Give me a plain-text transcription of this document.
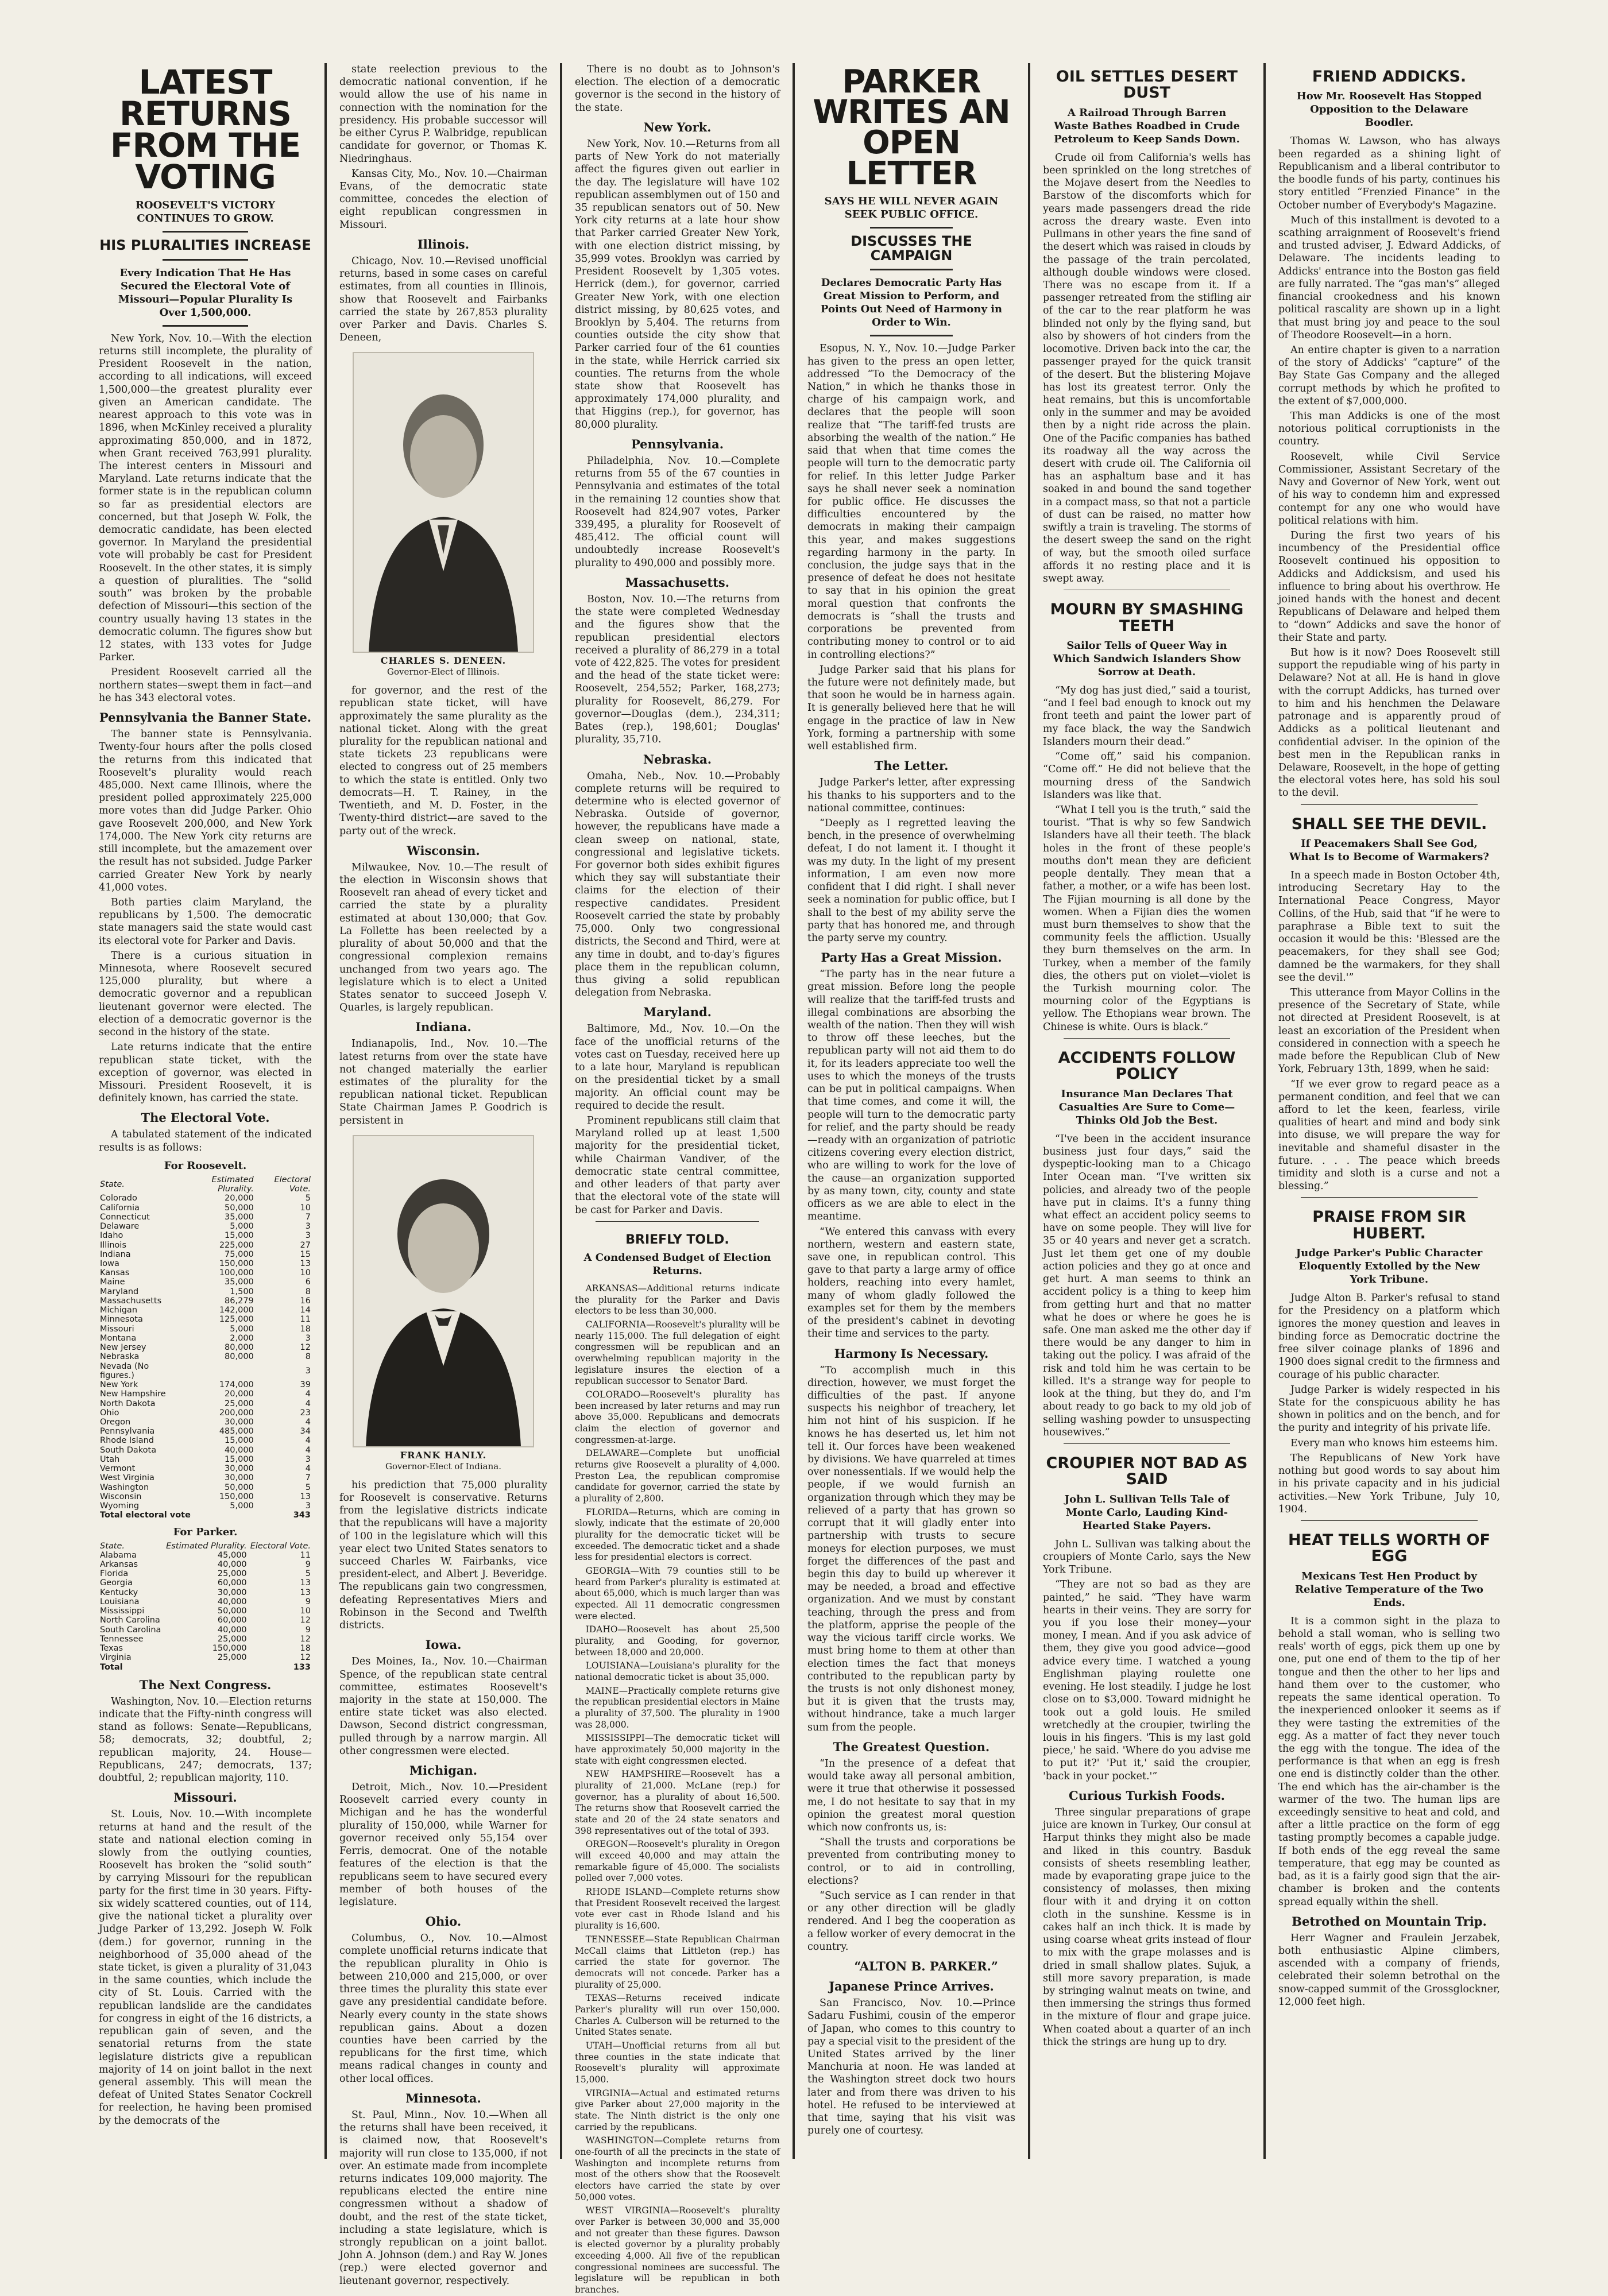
LATEST RETURNS FROM THE VOTING
ROOSEVELT'S VICTORY CONTINUES TO GROW.
HIS PLURALITIES INCREASE
Every Indication That He Has Secured the Electoral Vote of Missouri—Popular Plurality Is Over 1,500,000.

New York, Nov. 10.—With the election returns still incomplete, the plurality of President Roosevelt in the nation, according to all indications, will exceed 1,500,000—the greatest plurality ever given an American candidate. The nearest approach to this vote was in 1896, when McKinley received a plurality approximating 850,000, and in 1872, when Grant received 763,991 plurality. The interest centers in Missouri and Maryland. Late returns indicate that the former state is in the republican column so far as presidential electors are concerned, but that Joseph W. Folk, the democratic candidate, has been elected governor. In Maryland the presidential vote will probably be cast for President Roosevelt. In the other states, it is simply a question of pluralities. The “solid south” was broken by the probable defection of Missouri—this section of the country usually having 13 states in the democratic column. The figures show but 12 states, with 133 votes for Judge Parker.

President Roosevelt carried all the northern states—swept them in fact—and he has 343 electoral votes.

Pennsylvania the Banner State.

The banner state is Pennsylvania. Twenty-four hours after the polls closed the returns from this indicated that Roosevelt's plurality would reach 485,000. Next came Illinois, where the president polled approximately 225,000 more votes than did Judge Parker. Ohio gave Roosevelt 200,000, and New York 174,000. The New York city returns are still incomplete, but the amazement over the result has not subsided. Judge Parker carried Greater New York by nearly 41,000 votes.

Both parties claim Maryland, the republicans by 1,500. The democratic state managers said the state would cast its electoral vote for Parker and Davis.

There is a curious situation in Minnesota, where Roosevelt secured 125,000 plurality, but where a democratic governor and a republican lieutenant governor were elected. The election of a democratic governor is the second in the history of the state.

Late returns indicate that the entire republican state ticket, with the exception of governor, was elected in Missouri. President Roosevelt, it is definitely known, has carried the state.

The Electoral Vote.

A tabulated statement of the indicated results is as follows:

For Roosevelt.
State.	Estimated Plurality.	Electoral Vote.
Colorado	20,000	5
California	50,000	10
Connecticut	35,000	7
Delaware	5,000	3
Idaho	15,000	3
Illinois	225,000	27
Indiana	75,000	15
Iowa	150,000	13
Kansas	100,000	10
Maine	35,000	6
Maryland	1,500	8
Massachusetts	86,279	16
Michigan	142,000	14
Minnesota	125,000	11
Missouri	5,000	18
Montana	2,000	3
New Jersey	80,000	12
Nebraska	80,000	8
Nevada (No figures.)		3
New York	174,000	39
New Hampshire	20,000	4
North Dakota	25,000	4
Ohio	200,000	23
Oregon	30,000	4
Pennsylvania	485,000	34
Rhode Island	15,000	4
South Dakota	40,000	4
Utah	15,000	3
Vermont	30,000	4
West Virginia	30,000	7
Washington	50,000	5
Wisconsin	150,000	13
Wyoming	5,000	3
Total electoral vote		343
For Parker.
State.	Estimated Plurality.	Electoral Vote.
Alabama	45,000	11
Arkansas	40,000	9
Florida	25,000	5
Georgia	60,000	13
Kentucky	30,000	13
Louisiana	40,000	9
Mississippi	50,000	10
North Carolina	60,000	12
South Carolina	40,000	9
Tennessee	25,000	12
Texas	150,000	18
Virginia	25,000	12
Total		133
The Next Congress.

Washington, Nov. 10.—Election returns indicate that the Fifty-ninth congress will stand as follows: Senate—Republicans, 58; democrats, 32; doubtful, 2; republican majority, 24. House—Republicans, 247; democrats, 137; doubtful, 2; republican majority, 110.

Missouri.

St. Louis, Nov. 10.—With incomplete returns at hand and the result of the state and national election coming in slowly from the outlying counties, Roosevelt has broken the “solid south” by carrying Missouri for the republican party for the first time in 30 years. Fifty-six widely scattered counties, out of 114, give the national ticket a plurality over Judge Parker of 13,292. Joseph W. Folk (dem.) for governor, running in the neighborhood of 35,000 ahead of the state ticket, is given a plurality of 31,043 in the same counties, which include the city of St. Louis. Carried with the republican landslide are the candidates for congress in eight of the 16 districts, a republican gain of seven, and the senatorial returns from the state legislature districts give a republican majority of 14 on joint ballot in the next general assembly. This will mean the defeat of United States Senator Cockrell for reelection, he having been promised by the democrats of the

state reelection previous to the democratic national convention, if he would allow the use of his name in connection with the nomination for the presidency. His probable successor will be either Cyrus P. Walbridge, republican candidate for governor, or Thomas K. Niedringhaus.

Kansas City, Mo., Nov. 10.—Chairman Evans, of the democratic state committee, concedes the election of eight republican congressmen in Missouri.

Illinois.

Chicago, Nov. 10.—Revised unofficial returns, based in some cases on careful estimates, from all counties in Illinois, show that Roosevelt and Fairbanks carried the state by 267,853 plurality over Parker and Davis. Charles S. Deneen,

CHARLES S. DENEEN.
Governor-Elect of Illinois.

for governor, and the rest of the republican state ticket, will have approximately the same plurality as the national ticket. Along with the great plurality for the republican national and state tickets 23 republicans were elected to congress out of 25 members to which the state is entitled. Only two democrats—H. T. Rainey, in the Twentieth, and M. D. Foster, in the Twenty-third district—are saved to the party out of the wreck.

Wisconsin.

Milwaukee, Nov. 10.—The result of the election in Wisconsin shows that Roosevelt ran ahead of every ticket and carried the state by a plurality estimated at about 130,000; that Gov. La Follette has been reelected by a plurality of about 50,000 and that the congressional complexion remains unchanged from two years ago. The legislature which is to elect a United States senator to succeed Joseph V. Quarles, is largely republican.

Indiana.

Indianapolis, Ind., Nov. 10.—The latest returns from over the state have not changed materially the earlier estimates of the plurality for the republican national ticket. Republican State Chairman James P. Goodrich is persistent in

FRANK HANLY.
Governor-Elect of Indiana.

his prediction that 75,000 plurality for Roosevelt is conservative. Returns from the legislative districts indicate that the republicans will have a majority of 100 in the legislature which will this year elect two United States senators to succeed Charles W. Fairbanks, vice president-elect, and Albert J. Beveridge. The republicans gain two congressmen, defeating Representatives Miers and Robinson in the Second and Twelfth districts.

Iowa.

Des Moines, Ia., Nov. 10.—Chairman Spence, of the republican state central committee, estimates Roosevelt's majority in the state at 150,000. The entire state ticket was also elected. Dawson, Second district congressman, pulled through by a narrow margin. All other congressmen were elected.

Michigan.

Detroit, Mich., Nov. 10.—President Roosevelt carried every county in Michigan and he has the wonderful plurality of 150,000, while Warner for governor received only 55,154 over Ferris, democrat. One of the notable features of the election is that the republicans seem to have secured every member of both houses of the legislature.

Ohio.

Columbus, O., Nov. 10.—Almost complete unofficial returns indicate that the republican plurality in Ohio is between 210,000 and 215,000, or over three times the plurality this state ever gave any presidential candidate before. Nearly every county in the state shows republican gains. About a dozen counties have been carried by the republicans for the first time, which means radical changes in county and other local offices.

Minnesota.

St. Paul, Minn., Nov. 10.—When all the returns shall have been received, it is claimed now, that Roosevelt's majority will run close to 135,000, if not over. An estimate made from incomplete returns indicates 109,000 majority. The republicans elected the entire nine congressmen without a shadow of doubt, and the rest of the state ticket, including a state legislature, which is strongly republican on a joint ballot. John A. Johnson (dem.) and Ray W. Jones (rep.) were elected governor and lieutenant governor, respectively.

There is no doubt as to Johnson's election. The election of a democratic governor is the second in the history of the state.

New York.

New York, Nov. 10.—Returns from all parts of New York do not materially affect the figures given out earlier in the day. The legislature will have 102 republican assemblymen out of 150 and 35 republican senators out of 50. New York city returns at a late hour show that Parker carried Greater New York, with one election district missing, by 35,999 votes. Brooklyn was carried by President Roosevelt by 1,305 votes. Herrick (dem.), for governor, carried Greater New York, with one election district missing, by 80,625 votes, and Brooklyn by 5,404. The returns from counties outside the city show that Parker carried four of the 61 counties in the state, while Herrick carried six counties. The returns from the whole state show that Roosevelt has approximately 174,000 plurality, and that Higgins (rep.), for governor, has 80,000 plurality.

Pennsylvania.

Philadelphia, Nov. 10.—Complete returns from 55 of the 67 counties in Pennsylvania and estimates of the total in the remaining 12 counties show that Roosevelt had 824,907 votes, Parker 339,495, a plurality for Roosevelt of 485,412. The official count will undoubtedly increase Roosevelt's plurality to 490,000 and possibly more.

Massachusetts.

Boston, Nov. 10.—The returns from the state were completed Wednesday and the figures show that the republican presidential electors received a plurality of 86,279 in a total vote of 422,825. The votes for president and the head of the state ticket were: Roosevelt, 254,552; Parker, 168,273; plurality for Roosevelt, 86,279. For governor—Douglas (dem.), 234,311; Bates (rep.), 198,601; Douglas' plurality, 35,710.

Nebraska.

Omaha, Neb., Nov. 10.—Probably complete returns will be required to determine who is elected governor of Nebraska. Outside of governor, however, the republicans have made a clean sweep on national, state, congressional and legislative tickets. For governor both sides exhibit figures which they say will substantiate their claims for the election of their respective candidates. President Roosevelt carried the state by probably 75,000. Only two congressional districts, the Second and Third, were at any time in doubt, and to-day's figures place them in the republican column, thus giving a solid republican delegation from Nebraska.

Maryland.

Baltimore, Md., Nov. 10.—On the face of the unofficial returns of the votes cast on Tuesday, received here up to a late hour, Maryland is republican on the presidential ticket by a small majority. An official count may be required to decide the result.

Prominent republicans still claim that Maryland rolled up at least 1,500 majority for the presidential ticket, while Chairman Vandiver, of the democratic state central committee, and other leaders of that party aver that the electoral vote of the state will be cast for Parker and Davis.

BRIEFLY TOLD.
A Condensed Budget of Election Returns.

ARKANSAS—Additional returns indicate the plurality for the Parker and Davis electors to be less than 30,000.

CALIFORNIA—Roosevelt's plurality will be nearly 115,000. The full delegation of eight congressmen will be republican and an overwhelming republican majority in the legislature insures the election of a republican successor to Senator Bard.

COLORADO—Roosevelt's plurality has been increased by later returns and may run above 35,000. Republicans and democrats claim the election of governor and congressmen-at-large.

DELAWARE—Complete but unofficial returns give Roosevelt a plurality of 4,000. Preston Lea, the republican compromise candidate for governor, carried the state by a plurality of 2,800.

FLORIDA—Returns, which are coming in slowly, indicate that the estimate of 20,000 plurality for the democratic ticket will be exceeded. The democratic ticket and a shade less for presidential electors is correct.

GEORGIA—With 79 counties still to be heard from Parker's plurality is estimated at about 65,000, which is much larger than was expected. All 11 democratic congressmen were elected.

IDAHO—Roosevelt has about 25,500 plurality, and Gooding, for governor, between 18,000 and 20,000.

LOUISIANA—Louisiana's plurality for the national democratic ticket is about 35,000.

MAINE—Practically complete returns give the republican presidential electors in Maine a plurality of 37,500. The plurality in 1900 was 28,000.

MISSISSIPPI—The democratic ticket will have approximately 50,000 majority in the state with eight congressmen elected.

NEW HAMPSHIRE—Roosevelt has a plurality of 21,000. McLane (rep.) for governor, has a plurality of about 16,500. The returns show that Roosevelt carried the state and 20 of the 24 state senators and 398 representatives out of the total of 393.

OREGON—Roosevelt's plurality in Oregon will exceed 40,000 and may attain the remarkable figure of 45,000. The socialists polled over 7,000 votes.

RHODE ISLAND—Complete returns show that President Roosevelt received the largest vote ever cast in Rhode Island and his plurality is 16,600.

TENNESSEE—State Republican Chairman McCall claims that Littleton (rep.) has carried the state for governor. The democrats will not concede. Parker has a plurality of 25,000.

TEXAS—Returns received indicate Parker's plurality will run over 150,000. Charles A. Culberson will be returned to the United States senate.

UTAH—Unofficial returns from all but three counties in the state indicate that Roosevelt's plurality will approximate 15,000.

VIRGINIA—Actual and estimated returns give Parker about 27,000 majority in the state. The Ninth district is the only one carried by the republicans.

WASHINGTON—Complete returns from one-fourth of all the precincts in the state of Washington and incomplete returns from most of the others show that the Roosevelt electors have carried the state by over 50,000 votes.

WEST VIRGINIA—Roosevelt's plurality over Parker is between 30,000 and 35,000 and not greater than these figures. Dawson is elected governor by a plurality probably exceeding 4,000. All five of the republican congressional nominees are successful. The legislature will be republican in both branches.

PARKER WRITES AN OPEN LETTER
SAYS HE WILL NEVER AGAIN SEEK PUBLIC OFFICE.
DISCUSSES THE CAMPAIGN
Declares Democratic Party Has Great Mission to Perform, and Points Out Need of Harmony in Order to Win.

Esopus, N. Y., Nov. 10.—Judge Parker has given to the press an open letter, addressed “To the Democracy of the Nation,” in which he thanks those in charge of his campaign work, and declares that the people will soon realize that “The tariff-fed trusts are absorbing the wealth of the nation.” He said that when that time comes the people will turn to the democratic party for relief. In this letter Judge Parker says he shall never seek a nomination for public office. He discusses the difficulties encountered by the democrats in making their campaign this year, and makes suggestions regarding harmony in the party. In conclusion, the judge says that in the presence of defeat he does not hesitate to say that in his opinion the great moral question that confronts the democrats is “shall the trusts and corporations be prevented from contributing money to control or to aid in controlling elections?”

Judge Parker said that his plans for the future were not definitely made, but that soon he would be in harness again. It is generally believed here that he will engage in the practice of law in New York, forming a partnership with some well established firm.

The Letter.

Judge Parker's letter, after expressing his thanks to his supporters and to the national committee, continues:

“Deeply as I regretted leaving the bench, in the presence of overwhelming defeat, I do not lament it. I thought it was my duty. In the light of my present information, I am even now more confident that I did right. I shall never seek a nomination for public office, but I shall to the best of my ability serve the party that has honored me, and through the party serve my country.

Party Has a Great Mission.

“The party has in the near future a great mission. Before long the people will realize that the tariff-fed trusts and illegal combinations are absorbing the wealth of the nation. Then they will wish to throw off these leeches, but the republican party will not aid them to do it, for its leaders appreciate too well the uses to which the moneys of the trusts can be put in political campaigns. When that time comes, and come it will, the people will turn to the democratic party for relief, and the party should be ready—ready with an organization of patriotic citizens covering every election district, who are willing to work for the love of the cause—an organization supported by as many town, city, county and state officers as we are able to elect in the meantime.

“We entered this canvass with every northern, western and eastern state, save one, in republican control. This gave to that party a large army of office holders, reaching into every hamlet, many of whom gladly followed the examples set for them by the members of the president's cabinet in devoting their time and services to the party.

Harmony Is Necessary.

“To accomplish much in this direction, however, we must forget the difficulties of the past. If anyone suspects his neighbor of treachery, let him not hint of his suspicion. If he knows he has deserted us, let him not tell it. Our forces have been weakened by divisions. We have quarreled at times over nonessentials. If we would help the people, if we would furnish an organization through which they may be relieved of a party that has grown so corrupt that it will gladly enter into partnership with trusts to secure moneys for election purposes, we must forget the differences of the past and begin this day to build up wherever it may be needed, a broad and effective organization. And we must by constant teaching, through the press and from the platform, apprise the people of the way the vicious tariff circle works. We must bring home to them at other than election times the fact that moneys contributed to the republican party by the trusts is not only dishonest money, but it is given that the trusts may, without hindrance, take a much larger sum from the people.

The Greatest Question.

“In the presence of a defeat that would take away all personal ambition, were it true that otherwise it possessed me, I do not hesitate to say that in my opinion the greatest moral question which now confronts us, is:

“Shall the trusts and corporations be prevented from contributing money to control, or to aid in controlling, elections?

“Such service as I can render in that or any other direction will be gladly rendered. And I beg the cooperation as a fellow worker of every democrat in the country.

“ALTON B. PARKER.”
Japanese Prince Arrives.

San Francisco, Nov. 10.—Prince Sadaru Fushimi, cousin of the emperor of Japan, who comes to this country to pay a special visit to the president of the United States arrived by the liner Manchuria at noon. He was landed at the Washington street dock two hours later and from there was driven to his hotel. He refused to be interviewed at that time, saying that his visit was purely one of courtesy.

OIL SETTLES DESERT DUST
A Railroad Through Barren Waste Bathes Roadbed in Crude Petroleum to Keep Sands Down.

Crude oil from California's wells has been sprinkled on the long stretches of the Mojave desert from the Needles to Barstow of the discomforts which for years made passengers dread the ride across the dreary waste. Even into Pullmans in other years the fine sand of the desert which was raised in clouds by the passage of the train percolated, although double windows were closed. There was no escape from it. If a passenger retreated from the stifling air of the car to the rear platform he was blinded not only by the flying sand, but also by showers of hot cinders from the locomotive. Driven back into the car, the passenger prayed for the quick transit of the desert. But the blistering Mojave has lost its greatest terror. Only the heat remains, but this is uncomfortable only in the summer and may be avoided then by a night ride across the plain. One of the Pacific companies has bathed its roadway all the way across the desert with crude oil. The California oil has an asphaltum base and it has soaked in and bound the sand together in a compact mass, so that not a particle of dust can be raised, no matter how swiftly a train is traveling. The storms of the desert sweep the sand on the right of way, but the smooth oiled surface affords it no resting place and it is swept away.

MOURN BY SMASHING TEETH
Sailor Tells of Queer Way in Which Sandwich Islanders Show Sorrow at Death.

“My dog has just died,” said a tourist, “and I feel bad enough to knock out my front teeth and paint the lower part of my face black, the way the Sandwich Islanders mourn their dead.”

“Come off,” said his companion. “Come off.” He did not believe that the mourning dress of the Sandwich Islanders was like that.

“What I tell you is the truth,” said the tourist. “That is why so few Sandwich Islanders have all their teeth. The black holes in the front of these people's mouths don't mean they are deficient people dentally. They mean that a father, a mother, or a wife has been lost. The Fijian mourning is all done by the women. When a Fijian dies the women must burn themselves to show that the community feels the affliction. Usually they burn themselves on the arm. In Turkey, when a member of the family dies, the others put on violet—violet is the Turkish mourning color. The mourning color of the Egyptians is yellow. The Ethopians wear brown. The Chinese is white. Ours is black.”

ACCIDENTS FOLLOW POLICY
Insurance Man Declares That Casualties Are Sure to Come—Thinks Old Job the Best.

“I've been in the accident insurance business just four days,” said the dyspeptic-looking man to a Chicago Inter Ocean man. “I've written six policies, and already two of the people have put in claims. It's a funny thing what effect an accident policy seems to have on some people. They will live for 35 or 40 years and never get a scratch. Just let them get one of my double action policies and they go at once and get hurt. A man seems to think an accident policy is a thing to keep him from getting hurt and that no matter what he does or where he goes he is safe. One man asked me the other day if there would be any danger to him in taking out the policy. I was afraid of the risk and told him he was certain to be killed. It's a strange way for people to look at the thing, but they do, and I'm about ready to go back to my old job of selling washing powder to unsuspecting housewives.”

CROUPIER NOT BAD AS SAID
John L. Sullivan Tells Tale of Monte Carlo, Lauding Kind-Hearted Stake Payers.

John L. Sullivan was talking about the croupiers of Monte Carlo, says the New York Tribune.

“They are not so bad as they are painted,” he said. “They have warm hearts in their veins. They are sorry for you if you lose their money—your money, I mean. And if you ask advice of them, they give you good advice—good advice every time. I watched a young Englishman playing roulette one evening. He lost steadily. I judge he lost close on to $3,000. Toward midnight he took out a gold louis. He smiled wretchedly at the croupier, twirling the louis in his fingers. 'This is my last gold piece,' he said. 'Where do you advise me to put it?' 'Put it,' said the croupier, 'back in your pocket.'”

Curious Turkish Foods.

Three singular preparations of grape juice are known in Turkey, Our consul at Harput thinks they might also be made and liked in this country. Basduk consists of sheets resembling leather, made by evaporating grape juice to the consistency of molasses, then mixing flour with it and drying it on cotton cloth in the sunshine. Kessme is in cakes half an inch thick. It is made by using coarse wheat grits instead of flour to mix with the grape molasses and is dried in small shallow plates. Sujuk, a still more savory preparation, is made by stringing walnut meats on twine, and then immersing the strings thus formed in the mixture of flour and grape juice. When coated about a quarter of an inch thick the strings are hung up to dry.

FRIEND ADDICKS.
How Mr. Roosevelt Has Stopped Opposition to the Delaware Boodler.

Thomas W. Lawson, who has always been regarded as a shining light of Republicanism and a liberal contributor to the boodle funds of his party, continues his story entitled “Frenzied Finance” in the October number of Everybody's Magazine.

Much of this installment is devoted to a scathing arraignment of Roosevelt's friend and trusted adviser, J. Edward Addicks, of Delaware. The incidents leading to Addicks' entrance into the Boston gas field are fully narrated. The “gas man's” alleged financial crookedness and his known political rascality are shown up in a light that must bring joy and peace to the soul of Theodore Roosevelt—in a horn.

An entire chapter is given to a narration of the story of Addicks' “capture” of the Bay State Gas Company and the alleged corrupt methods by which he profited to the extent of $7,000,000.

This man Addicks is one of the most notorious political corruptionists in the country.

Roosevelt, while Civil Service Commissioner, Assistant Secretary of the Navy and Governor of New York, went out of his way to condemn him and expressed contempt for any one who would have political relations with him.

During the first two years of his incumbency of the Presidential office Roosevelt continued his opposition to Addicks and Addicksism, and used his influence to bring about his overthrow. He joined hands with the honest and decent Republicans of Delaware and helped them to “down” Addicks and save the honor of their State and party.

But how is it now? Does Roosevelt still support the repudiable wing of his party in Delaware? Not at all. He is hand in glove with the corrupt Addicks, has turned over to him and his henchmen the Delaware patronage and is apparently proud of Addicks as a political lieutenant and confidential adviser. In the opinion of the best men in the Republican ranks in Delaware, Roosevelt, in the hope of getting the electoral votes here, has sold his soul to the devil.

SHALL SEE THE DEVIL.
If Peacemakers Shall See God, What Is to Become of Warmakers?

In a speech made in Boston October 4th, introducing Secretary Hay to the International Peace Congress, Mayor Collins, of the Hub, said that “if he were to paraphrase a Bible text to suit the occasion it would be this: 'Blessed are the peacemakers, for they shall see God; damned be the warmakers, for they shall see the devil.'”

This utterance from Mayor Collins in the presence of the Secretary of State, while not directed at President Roosevelt, is at least an excoriation of the President when considered in connection with a speech he made before the Republican Club of New York, February 13th, 1899, when he said:

“If we ever grow to regard peace as a permanent condition, and feel that we can afford to let the keen, fearless, virile qualities of heart and mind and body sink into disuse, we will prepare the way for inevitable and shameful disaster in the future. . . . The peace which breeds timidity and sloth is a curse and not a blessing.”

PRAISE FROM SIR HUBERT.
Judge Parker's Public Character Eloquently Extolled by the New York Tribune.

Judge Alton B. Parker's refusal to stand for the Presidency on a platform which ignores the money question and leaves in binding force as Democratic doctrine the free silver coinage planks of 1896 and 1900 does signal credit to the firmness and courage of his public character.

Judge Parker is widely respected in his State for the conspicuous ability he has shown in politics and on the bench, and for the purity and integrity of his private life.

Every man who knows him esteems him.

The Republicans of New York have nothing but good words to say about him in his private capacity and in his judicial activities.—New York Tribune, July 10, 1904.

HEAT TELLS WORTH OF EGG
Mexicans Test Hen Product by Relative Temperature of the Two Ends.

It is a common sight in the plaza to behold a stall woman, who is selling two reals' worth of eggs, pick them up one by one, put one end of them to the tip of her tongue and then the other to her lips and hand them over to the customer, who repeats the same identical operation. To the inexperienced onlooker it seems as if they were tasting the extremities of the egg. As a matter of fact they never touch the egg with the tongue. The idea of the performance is that when an egg is fresh one end is distinctly colder than the other. The end which has the air-chamber is the warmer of the two. The human lips are exceedingly sensitive to heat and cold, and after a little practice on the form of egg tasting promptly becomes a capable judge. If both ends of the egg reveal the same temperature, that egg may be counted as bad, as it is a fairly good sign that the air-chamber is broken and the contents spread equally within the shell.

Betrothed on Mountain Trip.

Herr Wagner and Fraulein Jerzabek, both enthusiastic Alpine climbers, ascended with a company of friends, celebrated their solemn betrothal on the snow-capped summit of the Grossglockner, 12,000 feet high.
